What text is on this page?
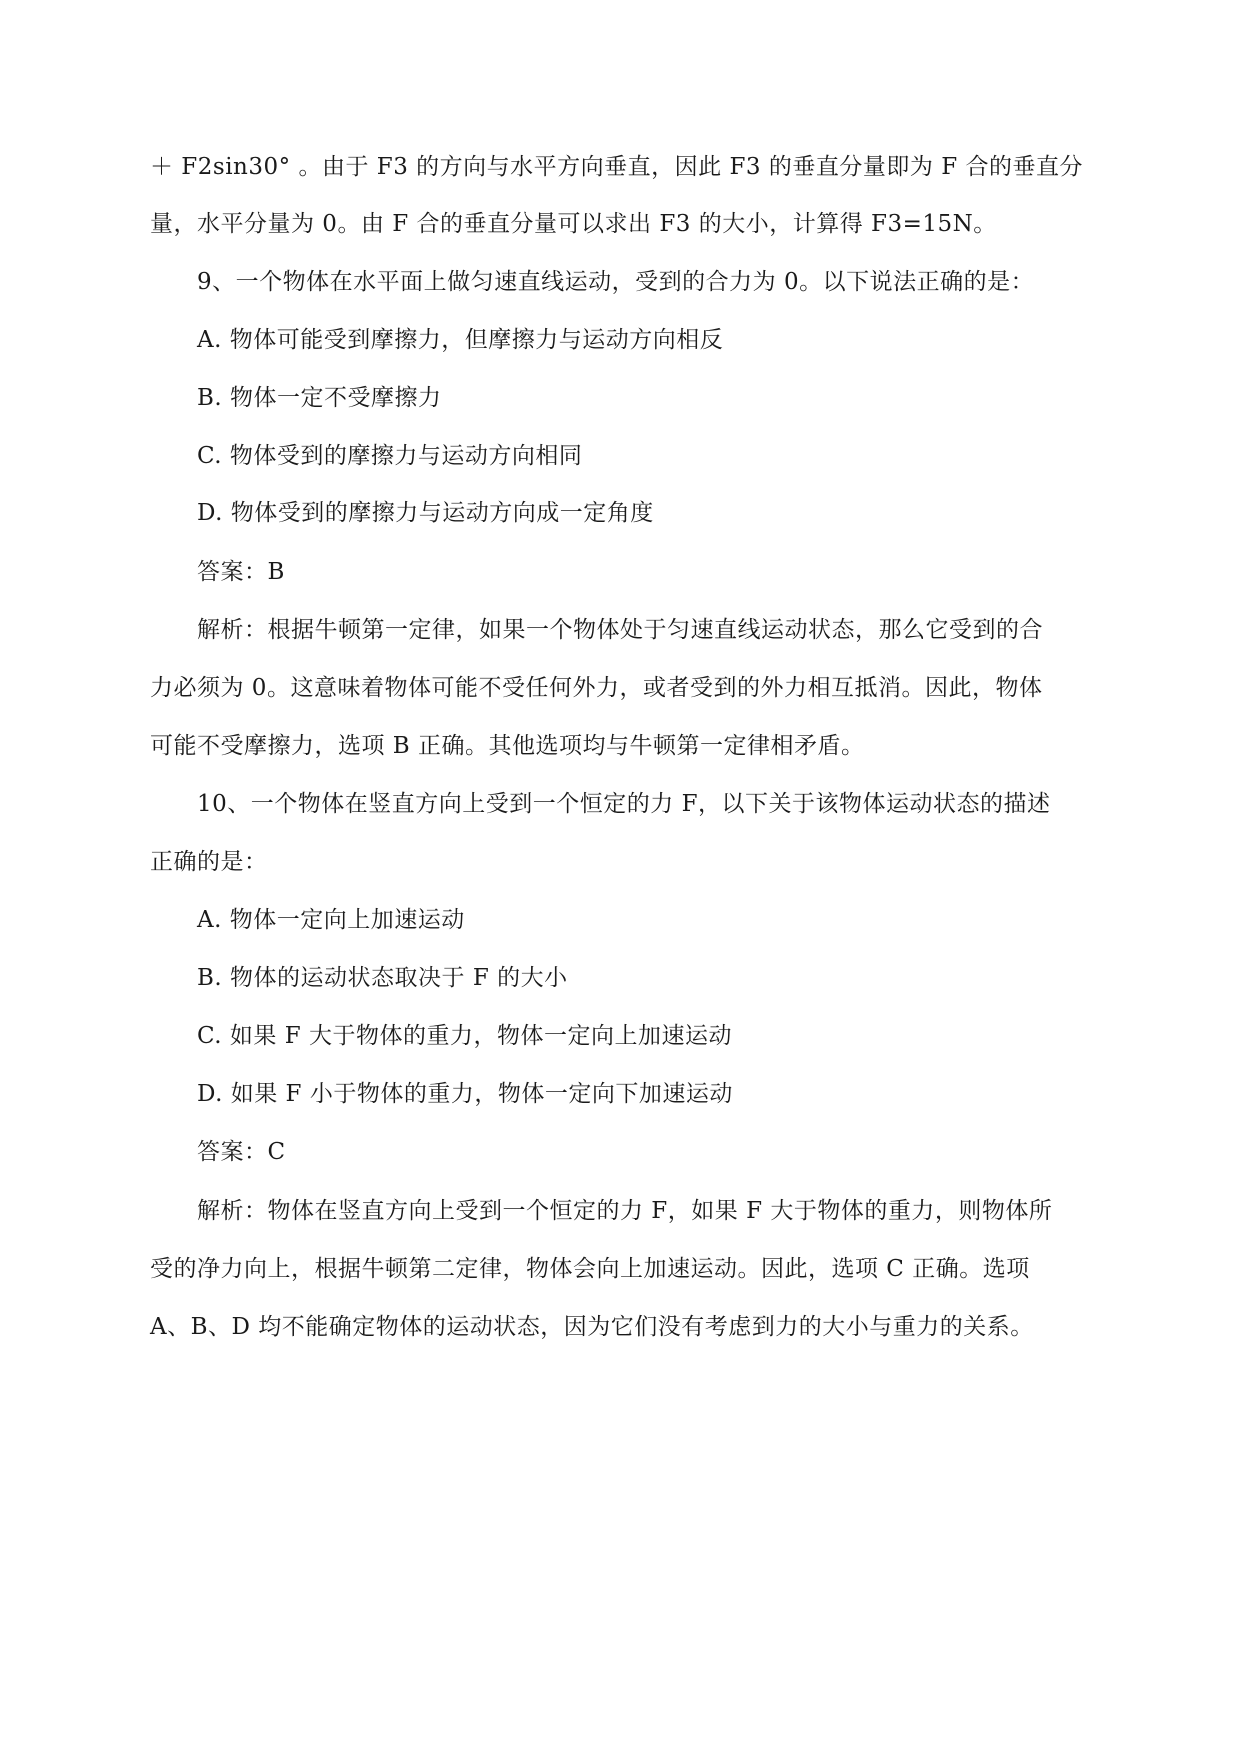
＋ F2sin30° 。由于 F3 的方向与水平方向垂直，因此 F3 的垂直分量即为 F 合的垂直分
量，水平分量为 0。由 F 合的垂直分量可以求出 F3 的大小，计算得 F3=15N。
9、一个物体在水平面上做匀速直线运动，受到的合力为 0。以下说法正确的是：
A. 物体可能受到摩擦力，但摩擦力与运动方向相反
B. 物体一定不受摩擦力
C. 物体受到的摩擦力与运动方向相同
D. 物体受到的摩擦力与运动方向成一定角度
答案：B
解析：根据牛顿第一定律，如果一个物体处于匀速直线运动状态，那么它受到的合
力必须为 0。这意味着物体可能不受任何外力，或者受到的外力相互抵消。因此，物体
可能不受摩擦力，选项 B 正确。其他选项均与牛顿第一定律相矛盾。
10、一个物体在竖直方向上受到一个恒定的力 F，以下关于该物体运动状态的描述
正确的是：
A. 物体一定向上加速运动
B. 物体的运动状态取决于 F 的大小
C. 如果 F 大于物体的重力，物体一定向上加速运动
D. 如果 F 小于物体的重力，物体一定向下加速运动
答案：C
解析：物体在竖直方向上受到一个恒定的力 F，如果 F 大于物体的重力，则物体所
受的净力向上，根据牛顿第二定律，物体会向上加速运动。因此，选项 C 正确。选项
A、B、D 均不能确定物体的运动状态，因为它们没有考虑到力的大小与重力的关系。
